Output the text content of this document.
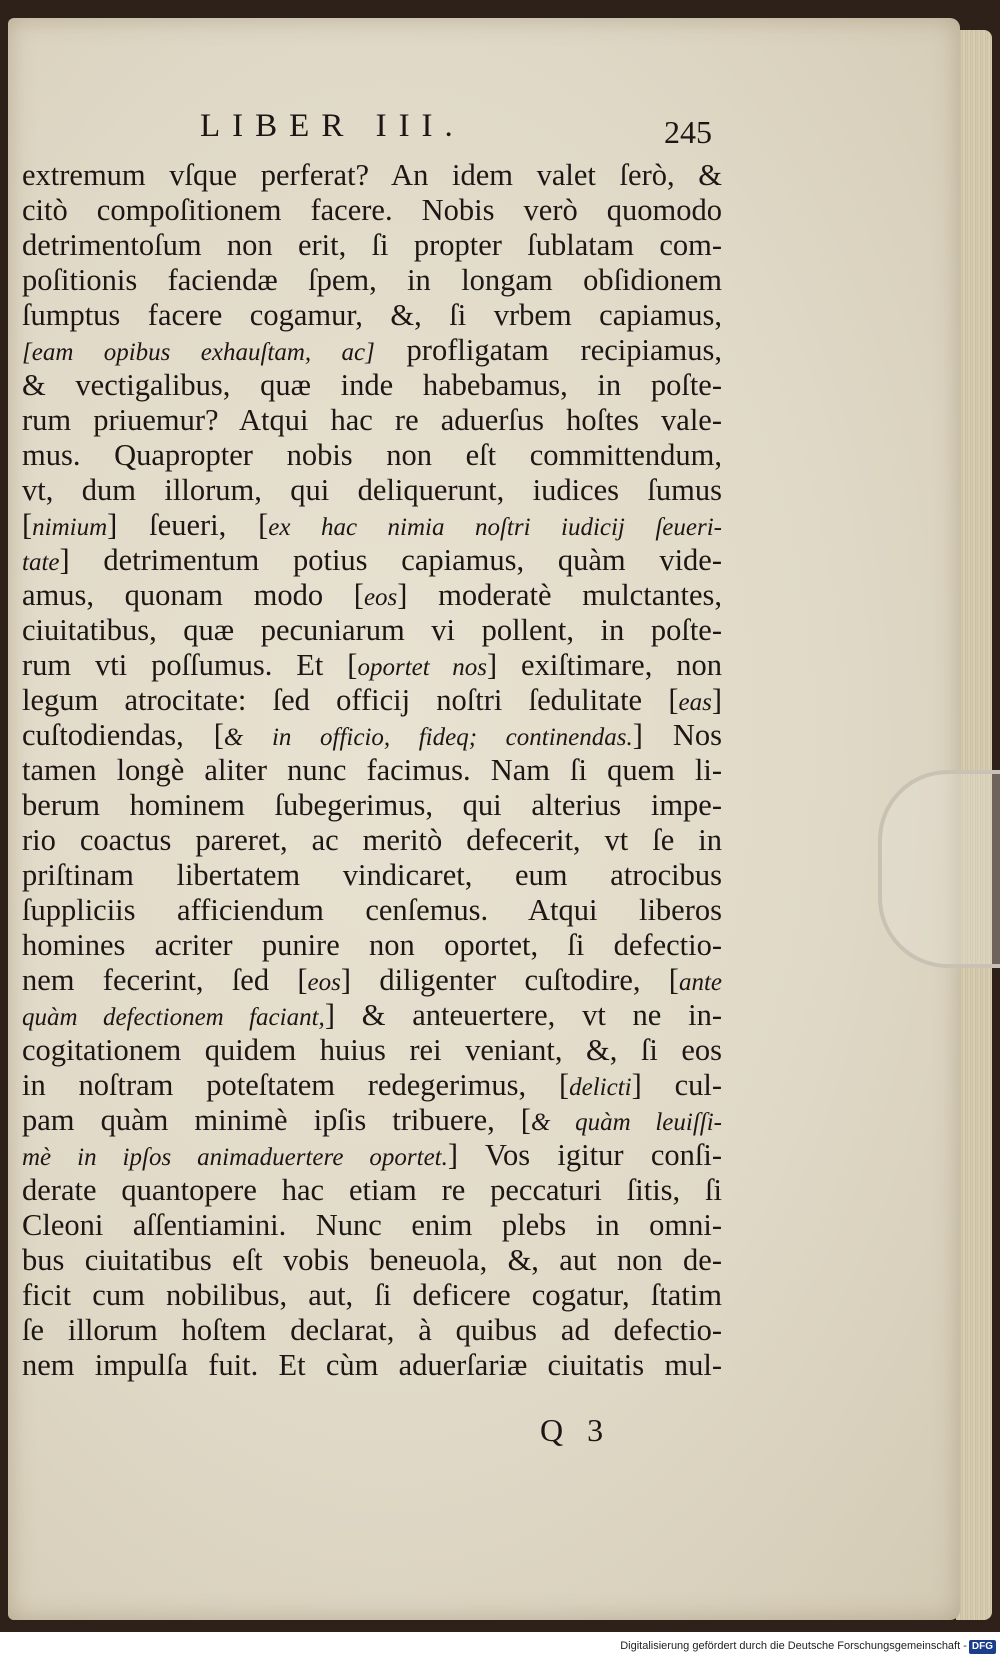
LIBER III.	245
extremum vſque perferat? An idem valet ſerò, &
citò compoſitionem facere. Nobis verò quomodo
detrimentoſum non erit, ſi propter ſublatam com-
poſitionis faciendæ ſpem, in longam obſidionem
ſumptus facere cogamur, &, ſi vrbem capiamus,
[eam opibus exhauſtam, ac] profligatam recipiamus,
& vectigalibus, quæ inde habebamus, in poſte-
rum priuemur? Atqui hac re aduerſus hoſtes vale-
mus. Quapropter nobis non eſt committendum,
vt, dum illorum, qui deliquerunt, iudices ſumus
[nimium] ſeueri, [ex hac nimia noſtri iudicij ſeueri-
tate] detrimentum potius capiamus, quàm vide-
amus, quonam modo [eos] moderatè mulctantes,
ciuitatibus, quæ pecuniarum vi pollent, in poſte-
rum vti poſſumus. Et [oportet nos] exiſtimare, non
legum atrocitate: ſed officij noſtri ſedulitate [eas]
cuſtodiendas, [& in officio, fideq; continendas.] Nos
tamen longè aliter nunc facimus. Nam ſi quem li-
berum hominem ſubegerimus, qui alterius impe-
rio coactus pareret, ac meritò defecerit, vt ſe in
priſtinam libertatem vindicaret, eum atrocibus
ſuppliciis afficiendum cenſemus. Atqui liberos
homines acriter punire non oportet, ſi defectio-
nem fecerint, ſed [eos] diligenter cuſtodire, [ante
quàm defectionem faciant,] & anteuertere, vt ne in-
cogitationem quidem huius rei veniant, &, ſi eos
in noſtram poteſtatem redegerimus, [delicti] cul-
pam quàm minimè ipſis tribuere, [& quàm leuiſſi-
mè in ipſos animaduertere oportet.] Vos igitur conſi-
derate quantopere hac etiam re peccaturi ſitis, ſi
Cleoni aſſentiamini. Nunc enim plebs in omni-
bus ciuitatibus eſt vobis beneuola, &, aut non de-
ficit cum nobilibus, aut, ſi deficere cogatur, ſtatim
ſe illorum hoſtem declarat, à quibus ad defectio-
nem impulſa fuit. Et cùm aduerſariæ ciuitatis mul-
Q 3
Digitalisierung gefördert durch die Deutsche Forschungsgemeinschaft - DFG
